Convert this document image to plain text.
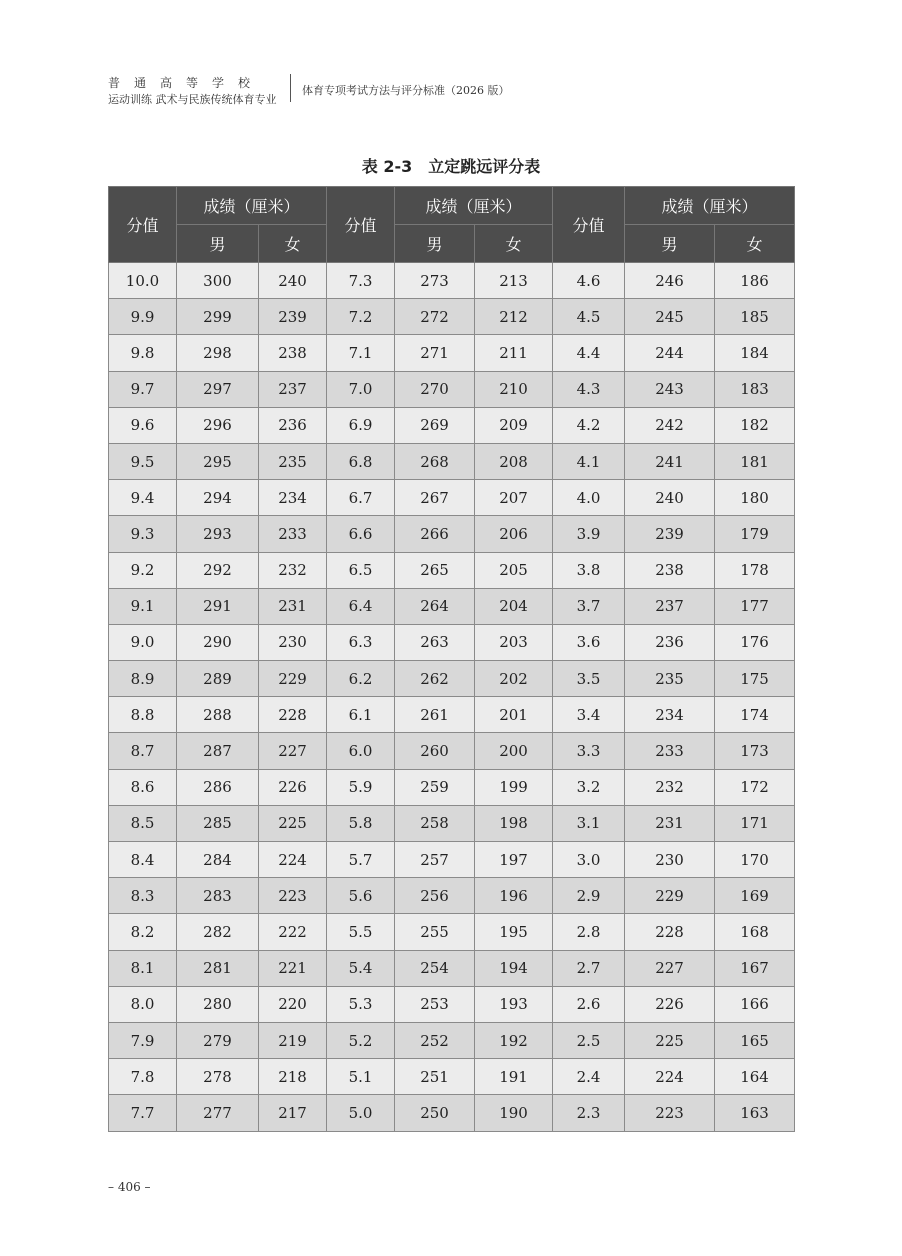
普通高等学校
运动训练 武术与民族传统体育专业
体育专项考试方法与评分标准（2026 版）
表 2-3　立定跳远评分表
分值	成绩（厘米）		分值	成绩（厘米）		分值	成绩（厘米）	
	男	女		男	女		男	女
10.0	300	240	7.3	273	213	4.6	246	186
9.9	299	239	7.2	272	212	4.5	245	185
9.8	298	238	7.1	271	211	4.4	244	184
9.7	297	237	7.0	270	210	4.3	243	183
9.6	296	236	6.9	269	209	4.2	242	182
9.5	295	235	6.8	268	208	4.1	241	181
9.4	294	234	6.7	267	207	4.0	240	180
9.3	293	233	6.6	266	206	3.9	239	179
9.2	292	232	6.5	265	205	3.8	238	178
9.1	291	231	6.4	264	204	3.7	237	177
9.0	290	230	6.3	263	203	3.6	236	176
8.9	289	229	6.2	262	202	3.5	235	175
8.8	288	228	6.1	261	201	3.4	234	174
8.7	287	227	6.0	260	200	3.3	233	173
8.6	286	226	5.9	259	199	3.2	232	172
8.5	285	225	5.8	258	198	3.1	231	171
8.4	284	224	5.7	257	197	3.0	230	170
8.3	283	223	5.6	256	196	2.9	229	169
8.2	282	222	5.5	255	195	2.8	228	168
8.1	281	221	5.4	254	194	2.7	227	167
8.0	280	220	5.3	253	193	2.6	226	166
7.9	279	219	5.2	252	192	2.5	225	165
7.8	278	218	5.1	251	191	2.4	224	164
7.7	277	217	5.0	250	190	2.3	223	163
– 406 –
